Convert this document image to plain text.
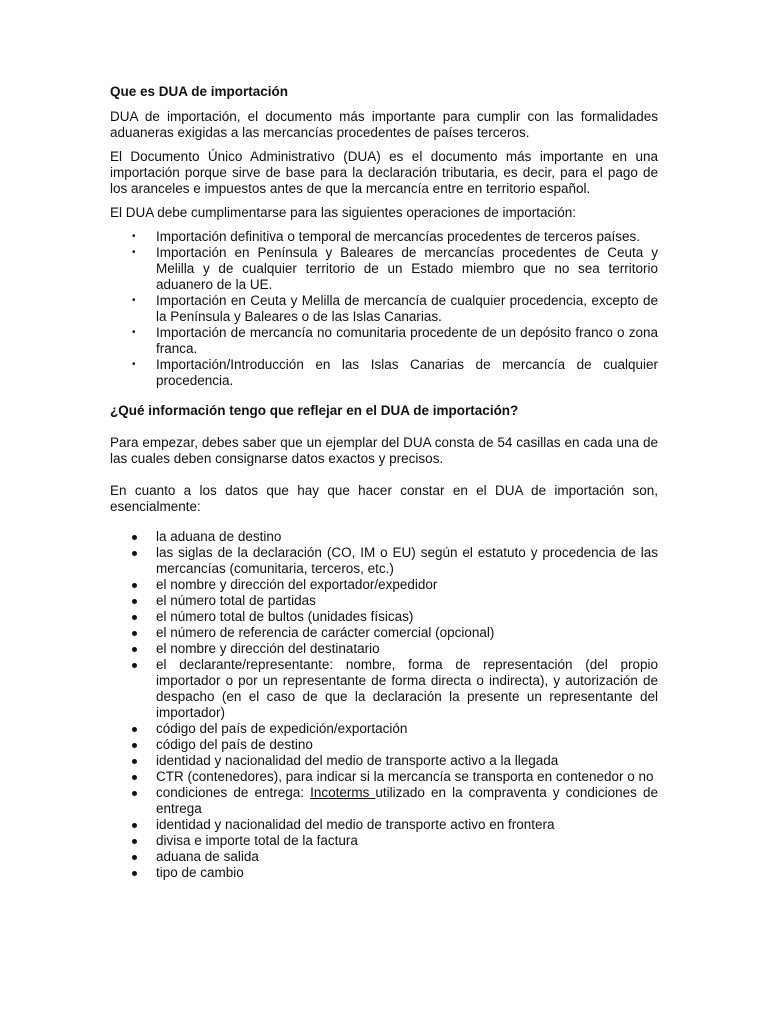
Que es DUA de importación

DUA de importación, el documento más importante para cumplir con las formalidades aduaneras exigidas a las mercancías procedentes de países terceros.

El Documento Único Administrativo (DUA) es el documento más importante en una importación porque sirve de base para la declaración tributaria, es decir, para el pago de los aranceles e impuestos antes de que la mercancía entre en territorio español.

El DUA debe cumplimentarse para las siguientes operaciones de importación:

• Importación definitiva o temporal de mercancías procedentes de terceros países.
• Importación en Península y Baleares de mercancías procedentes de Ceuta y Melilla y de cualquier territorio de un Estado miembro que no sea territorio aduanero de la UE.
• Importación en Ceuta y Melilla de mercancía de cualquier procedencia, excepto de la Península y Baleares o de las Islas Canarias.
• Importación de mercancía no comunitaria procedente de un depósito franco o zona franca.
• Importación/Introducción en las Islas Canarias de mercancía de cualquier procedencia.
¿Qué información tengo que reflejar en el DUA de importación?

Para empezar, debes saber que un ejemplar del DUA consta de 54 casillas en cada una de las cuales deben consignarse datos exactos y precisos.

En cuanto a los datos que hay que hacer constar en el DUA de importación son, esencialmente:

la aduana de destino
las siglas de la declaración (CO, IM o EU) según el estatuto y procedencia de las mercancías (comunitaria, terceros, etc.)
el nombre y dirección del exportador/expedidor
el número total de partidas
el número total de bultos (unidades físicas)
el número de referencia de carácter comercial (opcional)
el nombre y dirección del destinatario
el declarante/representante: nombre, forma de representación (del propio importador o por un representante de forma directa o indirecta), y autorización de despacho (en el caso de que la declaración la presente un representante del importador)
código del país de expedición/exportación
código del país de destino
identidad y nacionalidad del medio de transporte activo a la llegada
CTR (contenedores), para indicar si la mercancía se transporta en contenedor o no
condiciones de entrega: Incoterms utilizado en la compraventa y condiciones de entrega
identidad y nacionalidad del medio de transporte activo en frontera
divisa e importe total de la factura
aduana de salida
tipo de cambio
